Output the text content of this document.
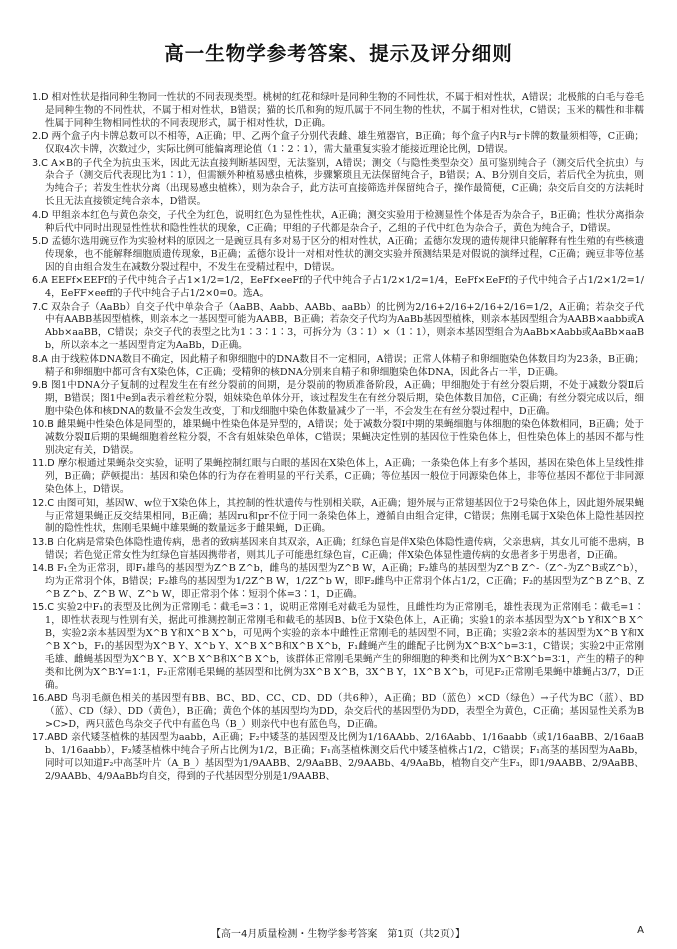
高一生物学参考答案、提示及评分细则
1.D 相对性状是指同种生物同一性状的不同表现类型。桃树的红花和绿叶是同种生物的不同性状，不属于相对性状，A错误；北极熊的白毛与卷毛是同种生物的不同性状，不属于相对性状，B错误；猫的长爪和狗的短爪属于不同生物的性状，不属于相对性状，C错误；玉米的糯性和非糯性属于同种生物相同性状的不同表现形式，属于相对性状，D正确。
2.D 两个盒子内卡牌总数可以不相等，A正确；甲、乙两个盒子分别代表雌、雄生殖器官，B正确；每个盒子内R与r卡牌的数量须相等，C正确；仅取4次卡牌，次数过少，实际比例可能偏离理论值（1∶2∶1），需大量重复实验才能接近理论比例，D错误。
3.C A×B的子代全为抗虫玉米，因此无法直接判断基因型，无法鉴别，A错误；测交（与隐性类型杂交）虽可鉴别纯合子（测交后代全抗虫）与杂合子（测交后代表现比为1∶1），但需额外种植易感虫植株，步骤繁琐且无法保留纯合子，B错误；A、B分别自交后，若后代全为抗虫，则为纯合子；若发生性状分离（出现易感虫植株），则为杂合子，此方法可直接筛选并保留纯合子，操作最简便，C正确；杂交后自交的方法耗时长且无法直接锁定纯合亲本，D错误。
4.D 甲组亲本红色与黄色杂交，子代全为红色，说明红色为显性性状，A正确；测交实验用于检测显性个体是否为杂合子，B正确；性状分离指杂种后代中同时出现显性性状和隐性性状的现象，C正确；甲组的子代都是杂合子，乙组的子代中红色为杂合子，黄色为纯合子，D错误。
5.D 孟德尔选用豌豆作为实验材料的原因之一是豌豆具有多对易于区分的相对性状，A正确；孟德尔发现的遗传规律只能解释有性生殖的有些核遗传现象，也不能解释细胞质遗传现象，B正确；孟德尔设计一对相对性状的测交实验并预测结果是对假说的演绎过程，C正确；豌豆非等位基因的自由组合发生在减数分裂过程中，不发生在受精过程中，D错误。
6.A EEFf×EEFf的子代中纯合子占1×1/2=1/2，EeFf×eeFf的子代中纯合子占1/2×1/2=1/4，EeFf×EeFf的子代中纯合子占1/2×1/2=1/4，EeFF×eeff的子代中纯合子占1/2×0=0。选A。
7.C 双杂合子（AaBb）自交子代中单杂合子（AaBB、Aabb、AABb、aaBb）的比例为2/16+2/16+2/16+2/16=1/2，A正确；若杂交子代中有AABB基因型植株，则亲本之一基因型可能为AABB，B正确；若杂交子代均为AaBb基因型植株，则亲本基因型组合为AABB×aabb或AAbb×aaBB，C错误；杂交子代的表型之比为1∶3∶1∶3，可拆分为（3∶1）×（1∶1），则亲本基因型组合为AaBb×Aabb或AaBb×aaBb，所以亲本之一基因型肯定为AaBb，D正确。
8.A 由于线粒体DNA数目不确定，因此精子和卵细胞中的DNA数目不一定相同，A错误；正常人体精子和卵细胞染色体数目均为23条，B正确；精子和卵细胞中都可含有X染色体，C正确；受精卵的核DNA分别来自精子和卵细胞染色体DNA，因此各占一半，D正确。
9.B 图1中DNA分子复制的过程发生在有丝分裂前的间期，是分裂前的物质准备阶段，A正确；甲细胞处于有丝分裂后期，不处于减数分裂Ⅱ后期，B错误；图1中e到a表示着丝粒分裂，姐妹染色单体分开，该过程发生在有丝分裂后期，染色体数目加倍，C正确；有丝分裂完成以后，细胞中染色体和核DNA的数量不会发生改变，丁和戊细胞中染色体数量减少了一半，不会发生在有丝分裂过程中，D正确。
10.B 雌果蝇中性染色体是同型的，雄果蝇中性染色体是异型的，A错误；处于减数分裂Ⅰ中期的果蝇细胞与体细胞的染色体数相同，B正确；处于减数分裂Ⅱ后期的果蝇细胞着丝粒分裂，不含有姐妹染色单体，C错误；果蝇决定性别的基因位于性染色体上，但性染色体上的基因不都与性别决定有关，D错误。
11.D 摩尔根通过果蝇杂交实验，证明了果蝇控制红眼与白眼的基因在X染色体上，A正确；一条染色体上有多个基因，基因在染色体上呈线性排列，B正确；萨顿提出：基因和染色体的行为存在着明显的平行关系，C正确；等位基因一般位于同源染色体上，非等位基因不都位于非同源染色体上，D错误。
12.C 由图可知，基因W、w位于X染色体上，其控制的性状遗传与性别相关联，A正确；翅外展与正常翅基因位于2号染色体上，因此翅外展果蝇与正常翅果蝇正反交结果相同，B正确；基因ru和pr不位于同一条染色体上，遵循自由组合定律，C错误；焦刚毛属于X染色体上隐性基因控制的隐性性状，焦刚毛果蝇中雄果蝇的数量远多于雌果蝇，D正确。
13.B 白化病是常染色体隐性遗传病，患者的致病基因来自其双亲，A正确；红绿色盲是伴X染色体隐性遗传病，父亲患病，其女儿可能不患病，B错误；若色觉正常女性为红绿色盲基因携带者，则其儿子可能患红绿色盲，C正确；伴X染色体显性遗传病的女患者多于男患者，D正确。
14.B F₁全为正常羽，即F₁雄鸟的基因型为Z^B Z^b，雌鸟的基因型为Z^B W，A正确；F₂雄鸟的基因型为Z^B Z^-（Z^-为Z^B或Z^b），均为正常羽个体，B错误；F₂雄鸟的基因型为1/2Z^B W，1/2Z^b W，即F₂雌鸟中正常羽个体占1/2，C正确；F₂的基因型为Z^B Z^B、Z^B Z^b、Z^B W、Z^b W，即正常羽个体∶短羽个体=3∶1，D正确。
15.C 实验2中F₁的表型及比例为正常刚毛∶截毛=3∶1，说明正常刚毛对截毛为显性，且雌性均为正常刚毛，雄性表现为正常刚毛∶截毛=1∶1，即性状表现与性别有关，据此可推测控制正常刚毛和截毛的基因B、b位于X染色体上，A正确；实验1的亲本基因型为X^b Y和X^B X^B，实验2亲本基因型为X^B Y和X^B X^b，可见两个实验的亲本中雌性正常刚毛的基因型不同，B正确；实验2亲本的基因型为X^B Y和X^B X^b，F₁的基因型为X^B Y、X^b Y、X^B X^B和X^B X^b，F₁雌蝇产生的雌配子比例为X^B∶X^b=3∶1，C错误；实验2中正常刚毛雄、雌蝇基因型为X^B Y、X^B X^B和X^B X^b，该群体正常刚毛果蝇产生的卵细胞的种类和比例为X^B∶X^b=3∶1，产生的精子的种类和比例为X^B∶Y=1∶1，F₂正常刚毛果蝇的基因型和比例为3X^B X^B，3X^B Y，1X^B X^b，可见F₂正常刚毛果蝇中雄蝇占3/7，D正确。
16.ABD 鸟羽毛颜色相关的基因型有BB、BC、BD、CC、CD、DD（共6种），A正确；BD（蓝色）×CD（绿色）→子代为BC（蓝）、BD（蓝）、CD（绿）、DD（黄色），B正确；黄色个体的基因型均为DD，杂交后代的基因型仍为DD，表型全为黄色，C正确；基因显性关系为B>C>D，两只蓝色鸟杂交子代中有蓝色鸟（B_）则亲代中也有蓝色鸟，D正确。
17.ABD 亲代矮茎植株的基因型为aabb，A正确；F₂中矮茎的基因型及比例为1/16AAbb、2/16Aabb、1/16aabb（或1/16aaBB、2/16aaBb、1/16aabb），F₂矮茎植株中纯合子所占比例为1/2，B正确；F₁高茎植株测交后代中矮茎植株占1/2，C错误；F₁高茎的基因型为AaBb，同时可以知道F₂中高茎叶片（A_B_）基因型为1/9AABB、2/9AaBB、2/9AABb、4/9AaBb，植物自交产生F₃，即1/9AABB、2/9AaBB、2/9AABb、4/9AaBb均自交，得到的子代基因型分别是1/9AABB、
【高一4月质量检测・生物学参考答案　第1页（共2页）】	A
